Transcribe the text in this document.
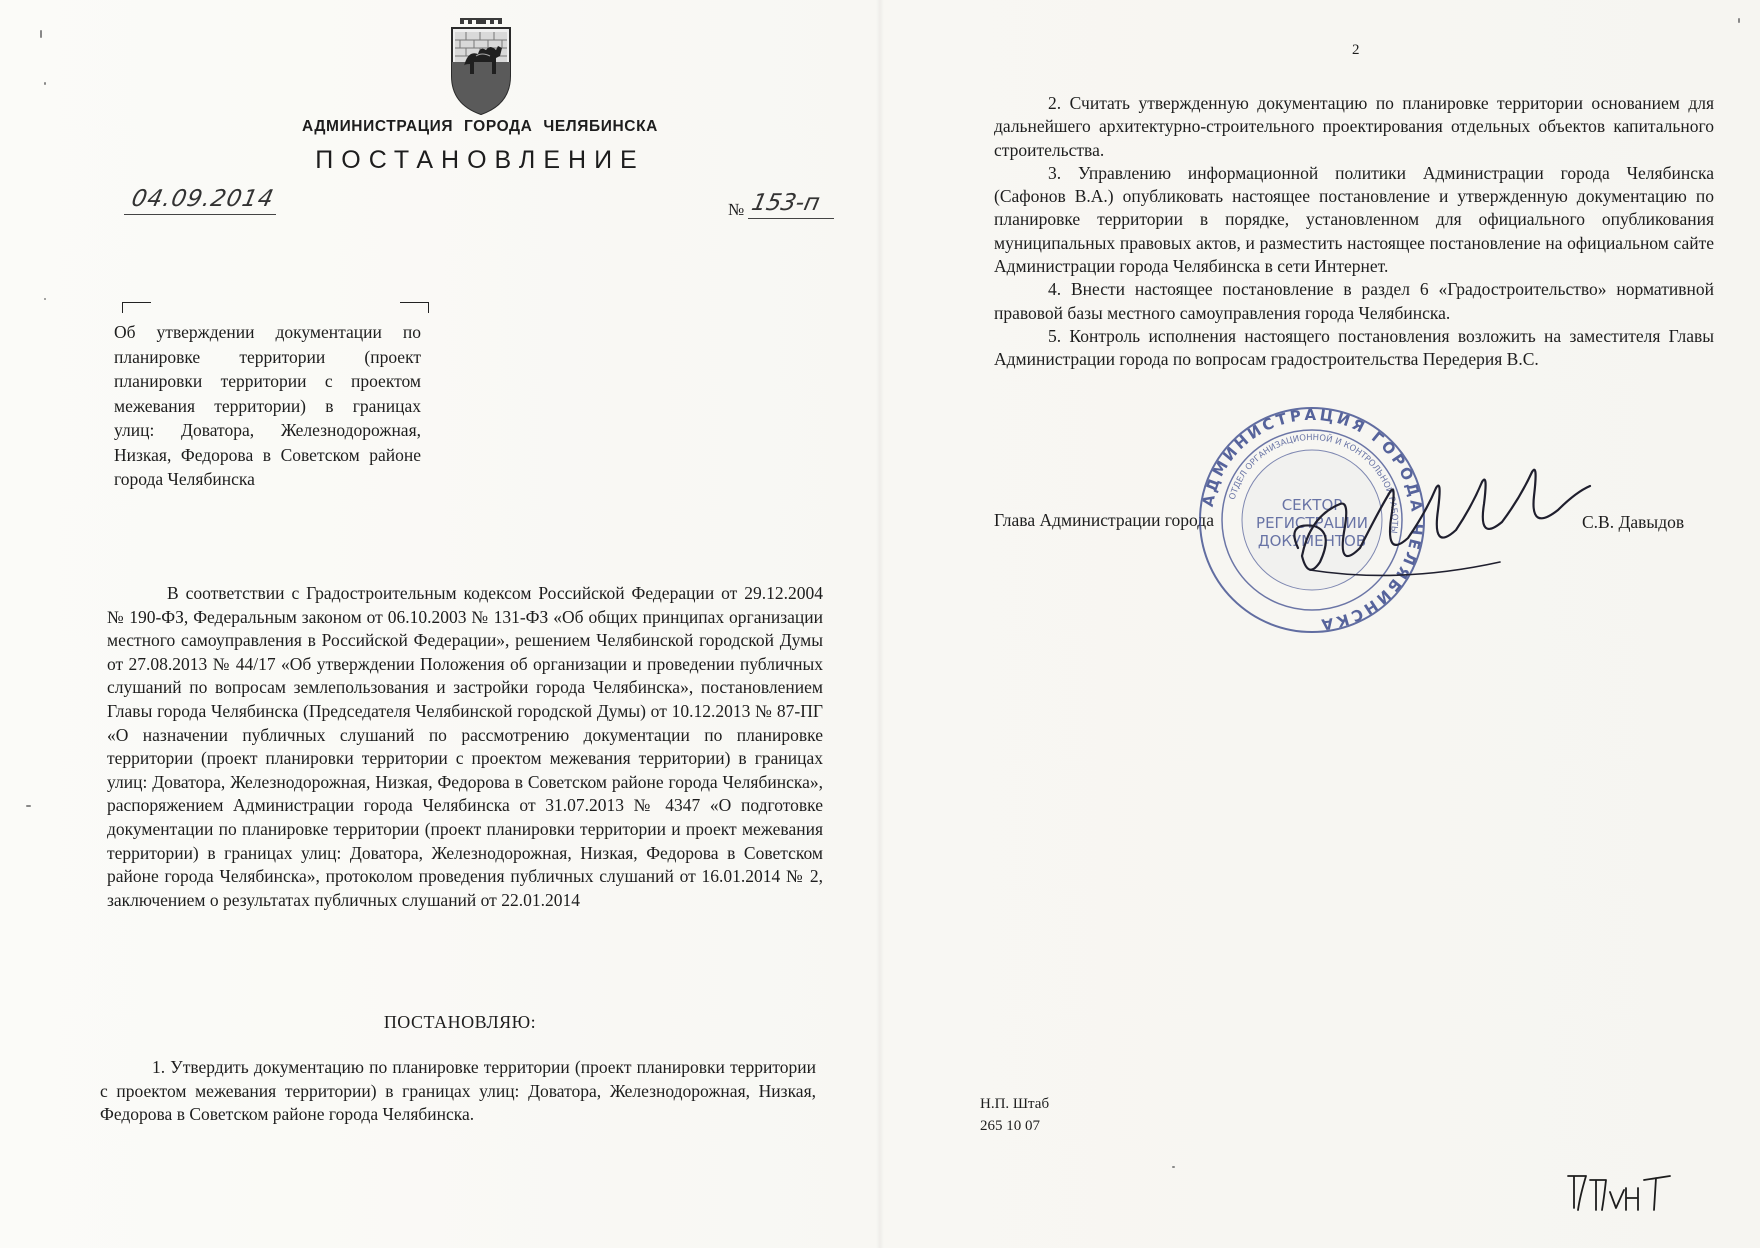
АДМИНИСТРАЦИЯ ГОРОДА ЧЕЛЯБИНСКА
ПОСТАНОВЛЕНИЕ
04.09.2014	№ 153-п
Об утверждении документации по планировке территории (проект планировки территории с проектом межевания территории) в границах улиц: Доватора, Железнодорожная, Низкая, Федорова в Советском районе города Челябинска
В соответствии с Градостроительным кодексом Российской Федерации от 29.12.2004 № 190-ФЗ, Федеральным законом от 06.10.2003 № 131-ФЗ «Об общих принципах организации местного самоуправления в Российской Федерации», решением Челябинской городской Думы от 27.08.2013 № 44/17 «Об утверждении Положения об организации и проведении публичных слушаний по вопросам землепользования и застройки города Челябинска», постановлением Главы города Челябинска (Председателя Челябинской городской Думы) от 10.12.2013 № 87-ПГ «О назначении публичных слушаний по рассмотрению документации по планировке территории (проект планировки территории с проектом межевания территории) в границах улиц: Доватора, Железнодорожная, Низкая, Федорова в Советском районе города Челябинска», распоряжением Администрации города Челябинска от 31.07.2013 № 4347 «О подготовке документации по планировке территории (проект планировки территории и проект межевания территории) в границах улиц: Доватора, Железнодорожная, Низкая, Федорова в Советском районе города Челябинска», протоколом проведения публичных слушаний от 16.01.2014 № 2, заключением о результатах публичных слушаний от 22.01.2014
ПОСТАНОВЛЯЮ:
1. Утвердить документацию по планировке территории (проект планировки территории с проектом межевания территории) в границах улиц: Доватора, Железнодорожная, Низкая, Федорова в Советском районе города Челябинска.
2

2. Считать утвержденную документацию по планировке территории основанием для дальнейшего архитектурно-строительного проектирования отдельных объектов капитального строительства.

3. Управлению информационной политики Администрации города Челябинска (Сафонов В.А.) опубликовать настоящее постановление и утвержденную документацию по планировке территории в порядке, установленном для официального опубликования муниципальных правовых актов, и разместить настоящее постановление на официальном сайте Администрации города Челябинска в сети Интернет.

4. Внести настоящее постановление в раздел 6 «Градостроительство» нормативной правовой базы местного самоуправления города Челябинска.

5. Контроль исполнения настоящего постановления возложить на заместителя Главы Администрации города по вопросам градостроительства Передерия В.С.

Глава Администрации города	С.В. Давыдов
АДМИНИСТРАЦИЯ ГОРОДА ЧЕЛЯБИНСКА
ОТДЕЛ ОРГАНИЗАЦИОННОЙ И КОНТРОЛЬНОЙ РАБОТЫ
СЕКТОР
РЕГИСТРАЦИИ
ДОКУМЕНТОВ
Н.П. Штаб
265 10 07
